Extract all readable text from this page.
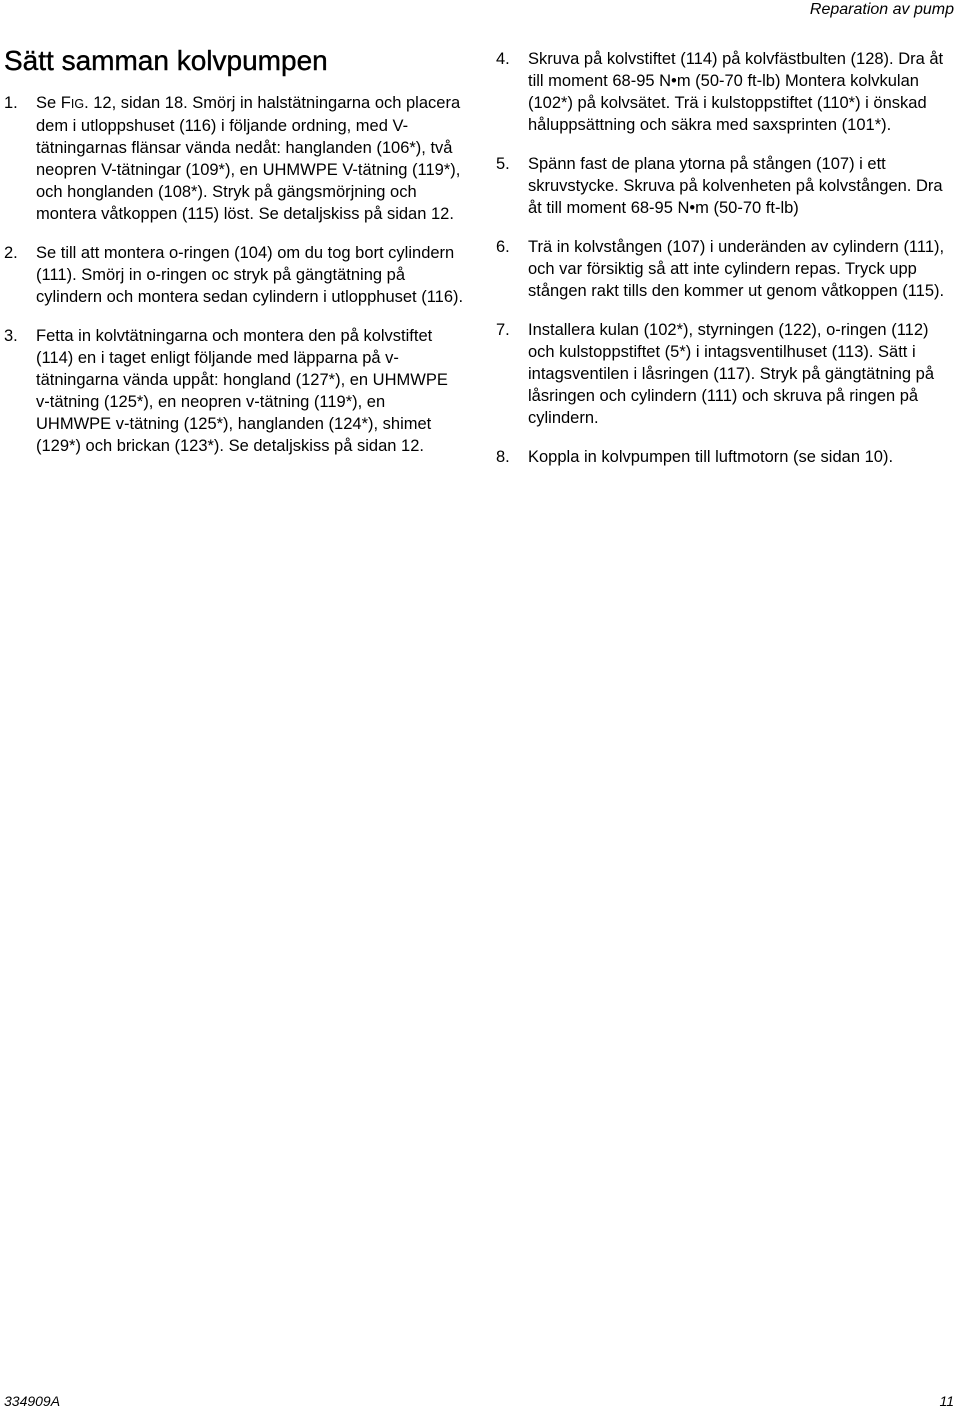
Reparation av pump
Sätt samman kolvpumpen
1. Se FIG. 12, sidan 18. Smörj in halstätningarna och placera dem i utloppshuset (116) i följande ordning, med V-tätningarnas flänsar vända nedåt: hanglanden (106*), två neopren V-tätningar (109*), en UHMWPE V-tätning (119*), och honglanden (108*). Stryk på gängsmörjning och montera våtkoppen (115) löst. Se detaljskiss på sidan 12.
2. Se till att montera o-ringen (104) om du tog bort cylindern (111). Smörj in o-ringen oc stryk på gängtätning på cylindern och montera sedan cylindern i utlopphuset (116).
3. Fetta in kolvtätningarna och montera den på kolvstiftet (114) en i taget enligt följande med läpparna på v-tätningarna vända uppåt: hongland (127*), en UHMWPE v-tätning (125*), en neopren v-tätning (119*), en UHMWPE v-tätning (125*), hanglanden (124*), shimet (129*) och brickan (123*). Se detaljskiss på sidan 12.
4. Skruva på kolvstiftet (114) på kolvfästbulten (128). Dra åt till moment 68-95 N•m (50-70 ft-lb) Montera kolvkulan (102*) på kolvsätet. Trä i kulstoppstiftet (110*) i önskad håluppsättning och säkra med saxsprinten (101*).
5. Spänn fast de plana ytorna på stången (107) i ett skruvstycke. Skruva på kolvenheten på kolvstången. Dra åt till moment 68-95 N•m (50-70 ft-lb)
6. Trä in kolvstången (107) i underänden av cylindern (111), och var försiktig så att inte cylindern repas. Tryck upp stången rakt tills den kommer ut genom våtkoppen (115).
7. Installera kulan (102*), styrningen (122), o-ringen (112) och kulstoppstiftet (5*) i intagsventilhuset (113). Sätt i intagsventilen i låsringen (117). Stryk på gängtätning på låsringen och cylindern (111) och skruva på ringen på cylindern.
8. Koppla in kolvpumpen till luftmotorn (se sidan 10).
334909A	11
